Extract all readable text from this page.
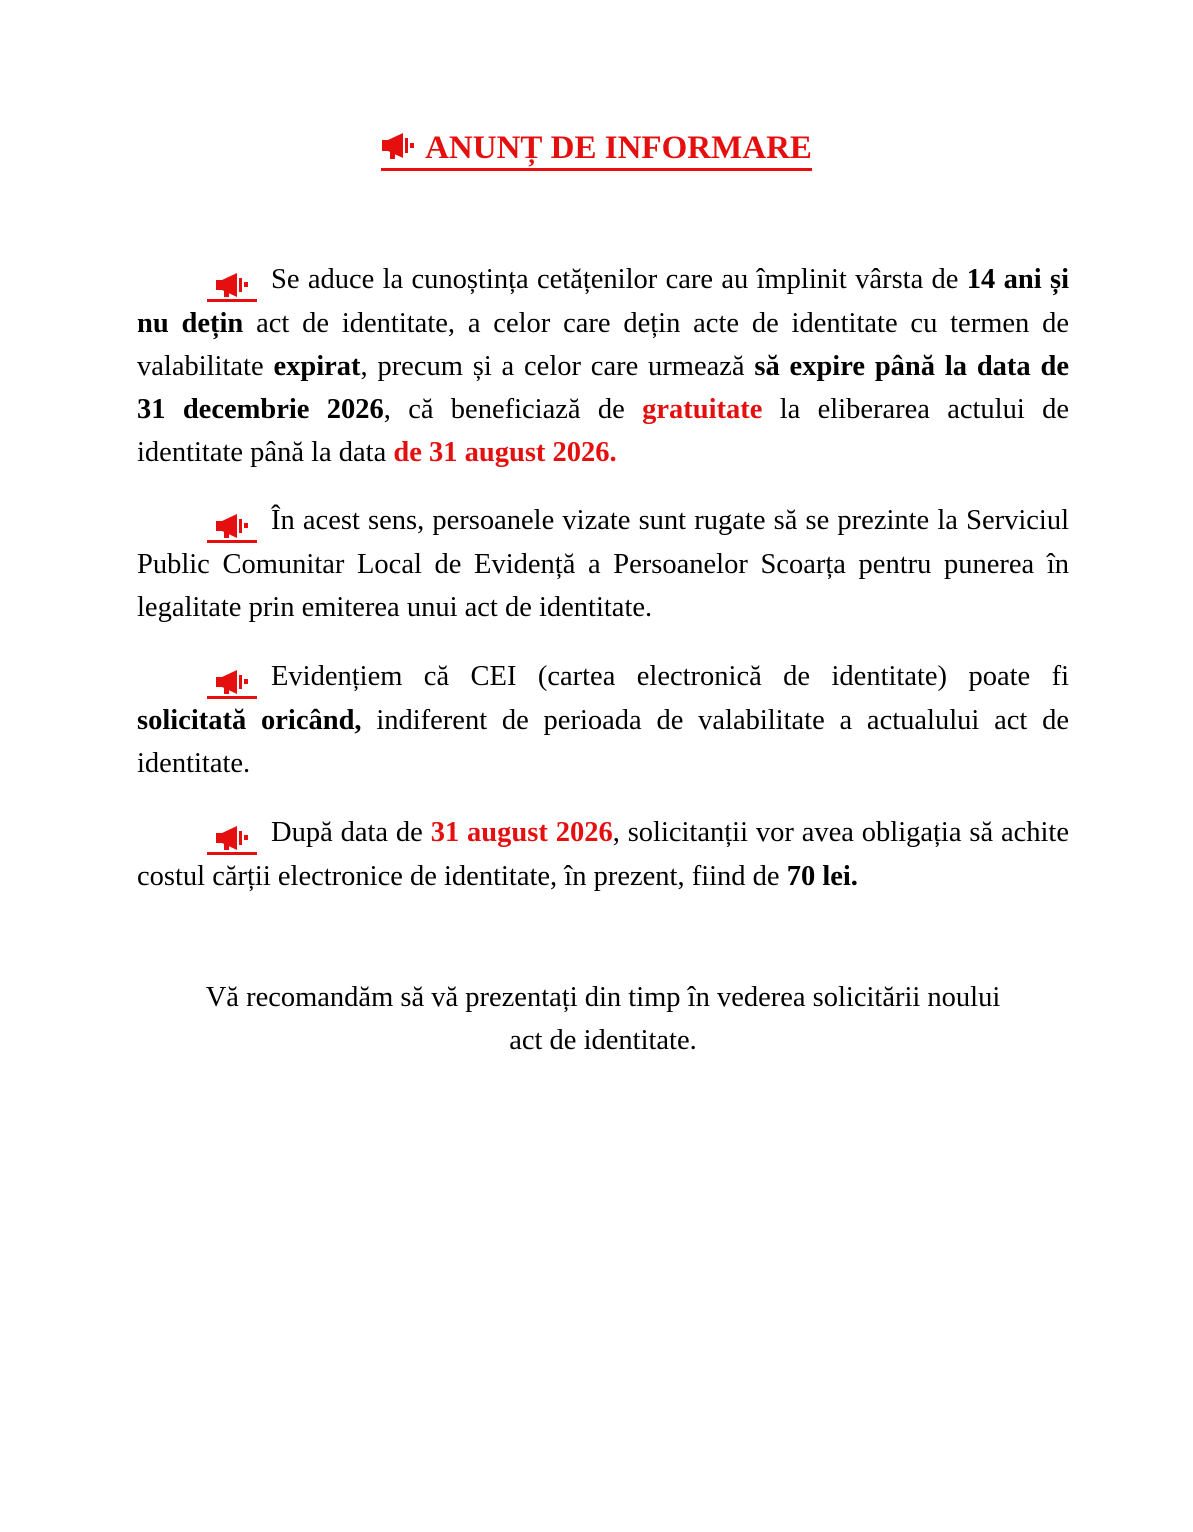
ANUNȚ DE INFORMARE

Se aduce la cunoștința cetățenilor care au împlinit vârsta de 14 ani și nu dețin act de identitate, a celor care dețin acte de identitate cu termen de valabilitate expirat, precum și a celor care urmează să expire până la data de 31 decembrie 2026, că beneficiază de gratuitate la eliberarea actului de identitate până la data de 31 august 2026.

În acest sens, persoanele vizate sunt rugate să se prezinte la Serviciul Public Comunitar Local de Evidență a Persoanelor Scoarța pentru punerea în legalitate prin emiterea unui act de identitate.

Evidențiem că CEI (cartea electronică de identitate) poate fi solicitată oricând, indiferent de perioada de valabilitate a actualului act de identitate.

După data de 31 august 2026, solicitanții vor avea obligația să achite costul cărții electronice de identitate, în prezent, fiind de 70 lei.

Vă recomandăm să vă prezentați din timp în vederea solicitării noului
act de identitate.
